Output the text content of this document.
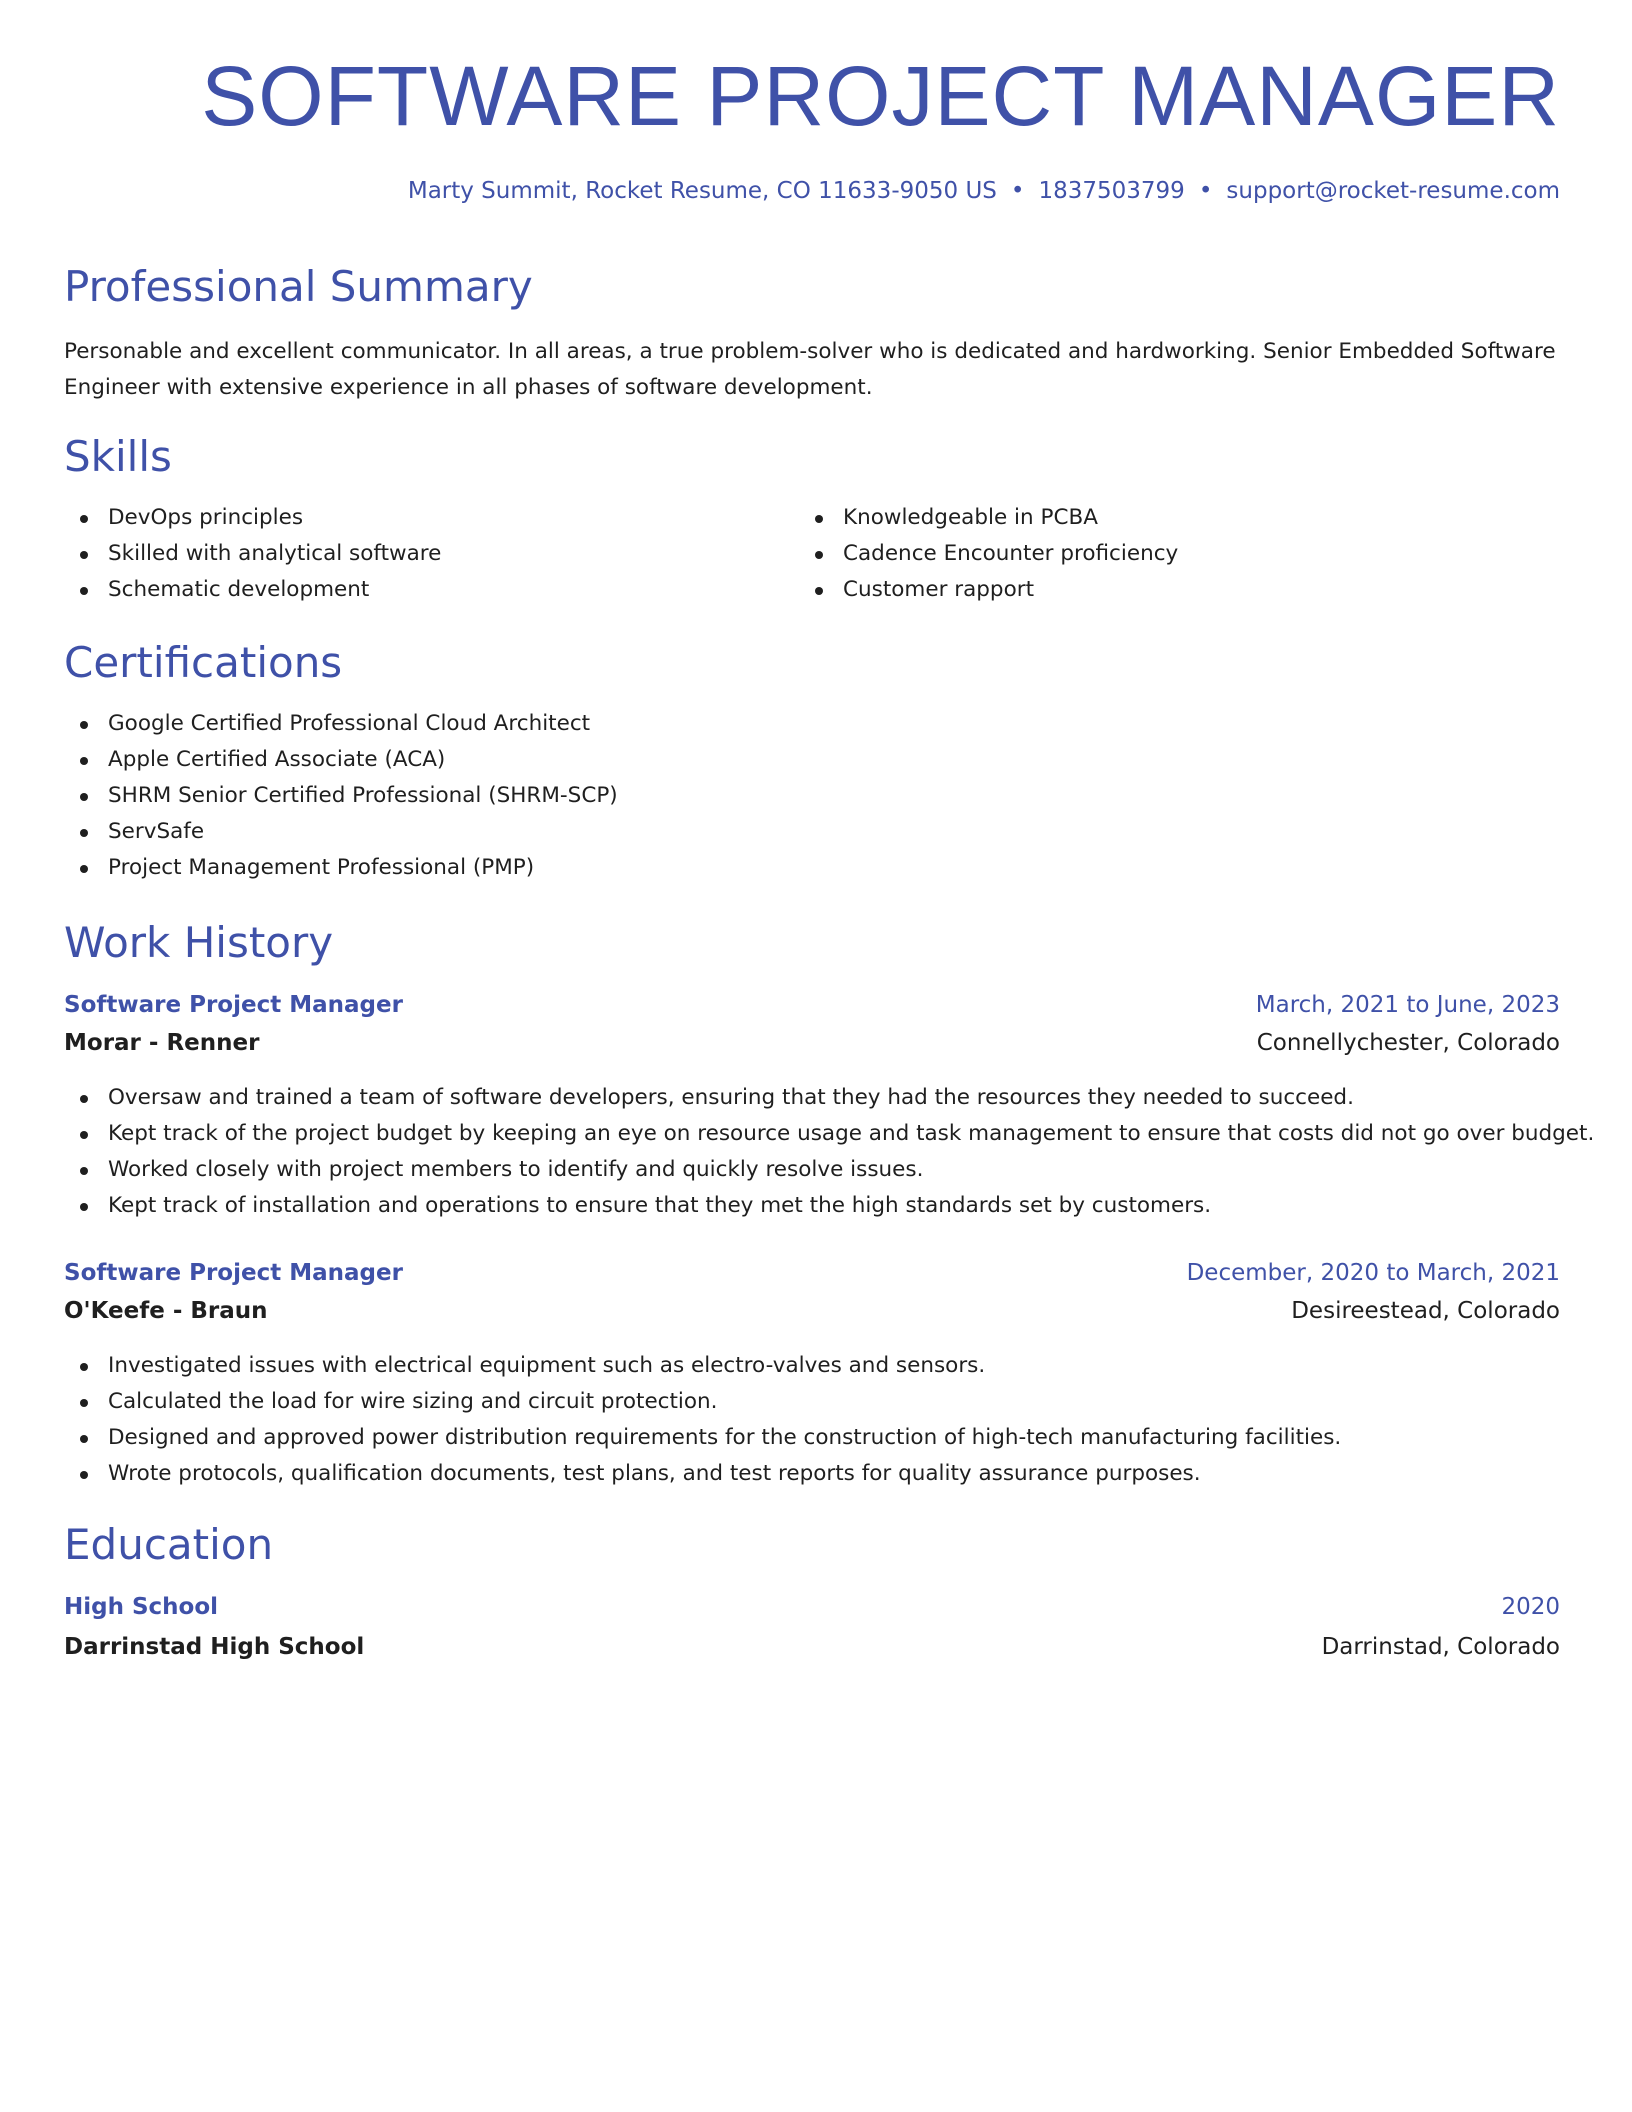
SOFTWARE PROJECT MANAGER
Marty Summit, Rocket Resume, CO 11633-9050 US • 1837503799 • support@rocket-resume.com
Professional Summary
Personable and excellent communicator. In all areas, a true problem-solver who is dedicated and hardworking. Senior Embedded Software Engineer with extensive experience in all phases of software development.
Skills
DevOps principles
Skilled with analytical software
Schematic development
Knowledgeable in PCBA
Cadence Encounter proficiency
Customer rapport
Certifications
Google Certified Professional Cloud Architect
Apple Certified Associate (ACA)
SHRM Senior Certified Professional (SHRM-SCP)
ServSafe
Project Management Professional (PMP)
Work History
Software Project Manager	March, 2021 to June, 2023
Morar - Renner	Connellychester, Colorado
Oversaw and trained a team of software developers, ensuring that they had the resources they needed to succeed.
Kept track of the project budget by keeping an eye on resource usage and task management to ensure that costs did not go over budget.
Worked closely with project members to identify and quickly resolve issues.
Kept track of installation and operations to ensure that they met the high standards set by customers.
Software Project Manager	December, 2020 to March, 2021
O'Keefe - Braun	Desireestead, Colorado
Investigated issues with electrical equipment such as electro-valves and sensors.
Calculated the load for wire sizing and circuit protection.
Designed and approved power distribution requirements for the construction of high-tech manufacturing facilities.
Wrote protocols, qualification documents, test plans, and test reports for quality assurance purposes.
Education
High School	2020
Darrinstad High School	Darrinstad, Colorado
